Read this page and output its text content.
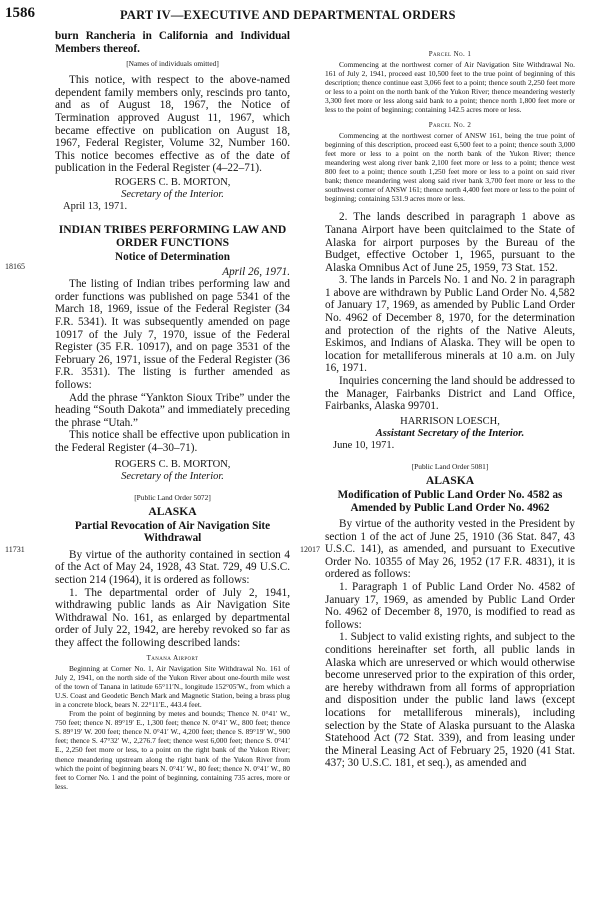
1586	PART IV—EXECUTIVE AND DEPARTMENTAL ORDERS

burn Rancheria in California and Individual Members thereof.

[Names of individuals omitted]

This notice, with respect to the above-named dependent family members only, rescinds pro tanto, and as of August 18, 1967, the Notice of Termination approved August 11, 1967, which became effective on publication on August 18, 1967, Federal Register, Volume 32, Number 160. This notice becomes effective as of the date of publication in the Federal Register (4–22–71).

ROGERS C. B. MORTON,

Secretary of the Interior.

April 13, 1971.

INDIAN TRIBES PERFORMING LAW AND ORDER FUNCTIONS

Notice of Determination

April 26, 1971.

The listing of Indian tribes performing law and order functions was published on page 5341 of the March 18, 1969, issue of the Federal Register (34 F.R. 5341). It was subsequently amended on page 10917 of the July 7, 1970, issue of the Federal Register (35 F.R. 10917), and on page 3531 of the February 26, 1971, issue of the Federal Register (36 F.R. 3531). The listing is further amended as follows:

Add the phrase “Yankton Sioux Tribe” under the heading “South Dakota” and immediately preceding the phrase “Utah.”

This notice shall be effective upon publication in the Federal Register (4–30–71).

ROGERS C. B. MORTON,

Secretary of the Interior.

[Public Land Order 5072]

ALASKA

Partial Revocation of Air Navigation Site Withdrawal

By virtue of the authority contained in section 4 of the Act of May 24, 1928, 43 Stat. 729, 49 U.S.C. section 214 (1964), it is ordered as follows:

1. The departmental order of July 2, 1941, withdrawing public lands as Air Navigation Site Withdrawal No. 161, as enlarged by departmental order of July 22, 1942, are hereby revoked so far as they affect the following described lands:

Tanana Airport

Beginning at Corner No. 1, Air Navigation Site Withdrawal No. 161 of July 2, 1941, on the north side of the Yukon River about one-fourth mile west of the town of Tanana in latitude 65°11′N., longitude 152°05′W., from which a U.S. Coast and Geodetic Bench Mark and Magnetic Station, being a brass plug in a concrete block, bears N. 22°11′E., 443.4 feet.

From the point of beginning by metes and bounds; Thence N. 0°41′ W., 750 feet; thence N. 89°19′ E., 1,300 feet; thence N. 0°41′ W., 800 feet; thence S. 89°19′ W. 200 feet; thence N. 0°41′ W., 4,200 feet; thence S. 89°19′ W., 900 feet; thence S. 47°32′ W., 2,276.7 feet; thence west 6,000 feet; thence S. 0°41′ E., 2,250 feet more or less, to a point on the right bank of the Yukon River; thence meandering upstream along the right bank of the Yukon River from which the point of beginning bears N. 0°41′ W., 80 feet; thence N. 0°41′ W., 80 feet to Corner No. 1 and the point of beginning, containing 735 acres, more or less.

Parcel No. 1

Commencing at the northwest corner of Air Navigation Site Withdrawal No. 161 of July 2, 1941, proceed east 10,500 feet to the true point of beginning of this description; thence continue east 3,066 feet to a point; thence south 2,250 feet more or less to a point on the north bank of the Yukon River; thence meandering westerly 3,300 feet more or less along said bank to a point; thence north 1,800 feet more or less to the point of beginning; containing 142.5 acres more or less.

Parcel No. 2

Commencing at the northwest corner of ANSW 161, being the true point of beginning of this description, proceed east 6,500 feet to a point; thence south 3,000 feet more or less to a point on the north bank of the Yukon River; thence meandering west along river bank 2,100 feet more or less to a point; thence west 800 feet to a point; thence south 1,250 feet more or less to a point on said river bank; thence meandering west along said river bank 3,700 feet more or less to the southwest corner of ANSW 161; thence north 4,400 feet more or less to the point of beginning; containing 531.9 acres more or less.

2. The lands described in paragraph 1 above as Tanana Airport have been quitclaimed to the State of Alaska for airport purposes by the Bureau of the Budget, effective October 1, 1965, pursuant to the Alaska Omnibus Act of June 25, 1959, 73 Stat. 152.

3. The lands in Parcels No. 1 and No. 2 in paragraph 1 above are withdrawn by Public Land Order No. 4,582 of January 17, 1969, as amended by Public Land Order No. 4962 of December 8, 1970, for the determination and protection of the rights of the Native Aleuts, Eskimos, and Indians of Alaska. They will be open to location for metalliferous minerals at 10 a.m. on July 16, 1971.

Inquiries concerning the land should be addressed to the Manager, Fairbanks District and Land Office, Fairbanks, Alaska 99701.

HARRISON LOESCH,

Assistant Secretary of the Interior.

June 10, 1971.

[Public Land Order 5081]

ALASKA

Modification of Public Land Order No. 4582 as Amended by Public Land Order No. 4962

By virtue of the authority vested in the President by section 1 of the act of June 25, 1910 (36 Stat. 847, 43 U.S.C. 141), as amended, and pursuant to Executive Order No. 10355 of May 26, 1952 (17 F.R. 4831), it is ordered as follows:

1. Paragraph 1 of Public Land Order No. 4582 of January 17, 1969, as amended by Public Land Order No. 4962 of December 8, 1970, is modified to read as follows:

1. Subject to valid existing rights, and subject to the conditions hereinafter set forth, all public lands in Alaska which are unreserved or which would otherwise become unreserved prior to the expiration of this order, are hereby withdrawn from all forms of appropriation and disposition under the public land laws (except locations for metalliferous minerals), including selection by the State of Alaska pursuant to the Alaska Statehood Act (72 Stat. 339), and from leasing under the Mineral Leasing Act of February 25, 1920 (41 Stat. 437; 30 U.S.C. 181, et seq.), as amended and

18165
11731	12017
